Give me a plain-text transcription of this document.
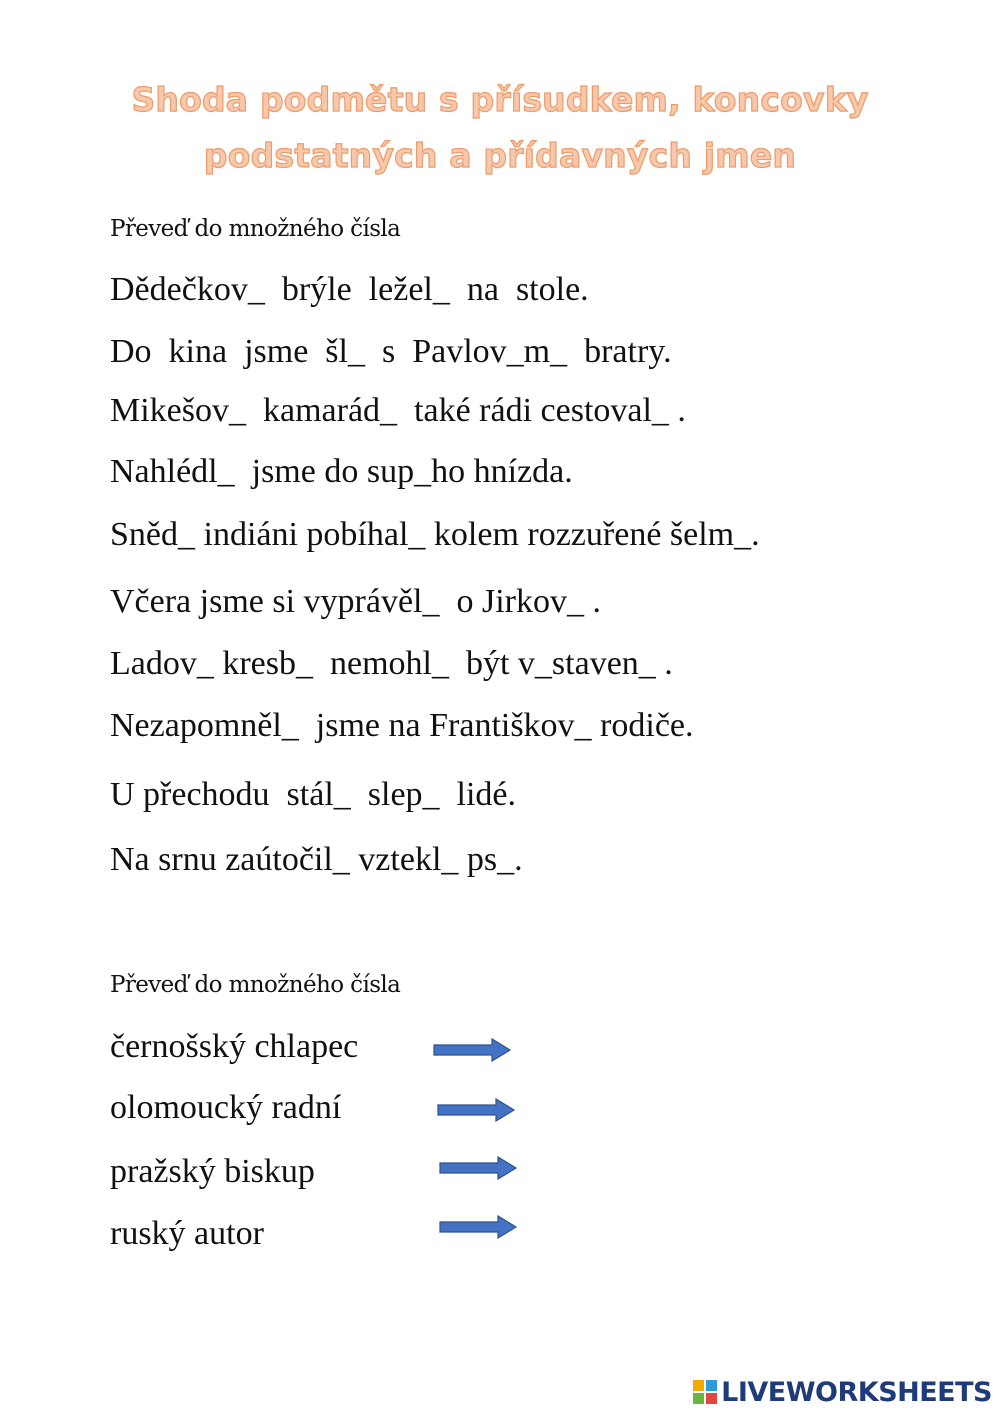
Shoda podmětu s přísudkem, koncovky
podstatných a přídavných jmen
Převeď do množného čísla
Dědečkov_  brýle  ležel_  na  stole.
Do  kina  jsme  šl_  s  Pavlov_m_  bratry.
Mikešov_  kamarád_  také rádi cestoval_ .
Nahlédl_  jsme do sup_ho hnízda.
Sněd_ indiáni pobíhal_ kolem rozzuřené šelm_.
Včera jsme si vyprávěl_  o Jirkov_ .
Ladov_ kresb_  nemohl_  být v_staven_ .
Nezapomněl_  jsme na Františkov_ rodiče.
U přechodu  stál_  slep_  lidé.
Na srnu zaútočil_ vztekl_ ps_.
Převeď do množného čísla
černošský chlapec
olomoucký radní
pražský biskup
ruský autor
LIVEWORKSHEETS
